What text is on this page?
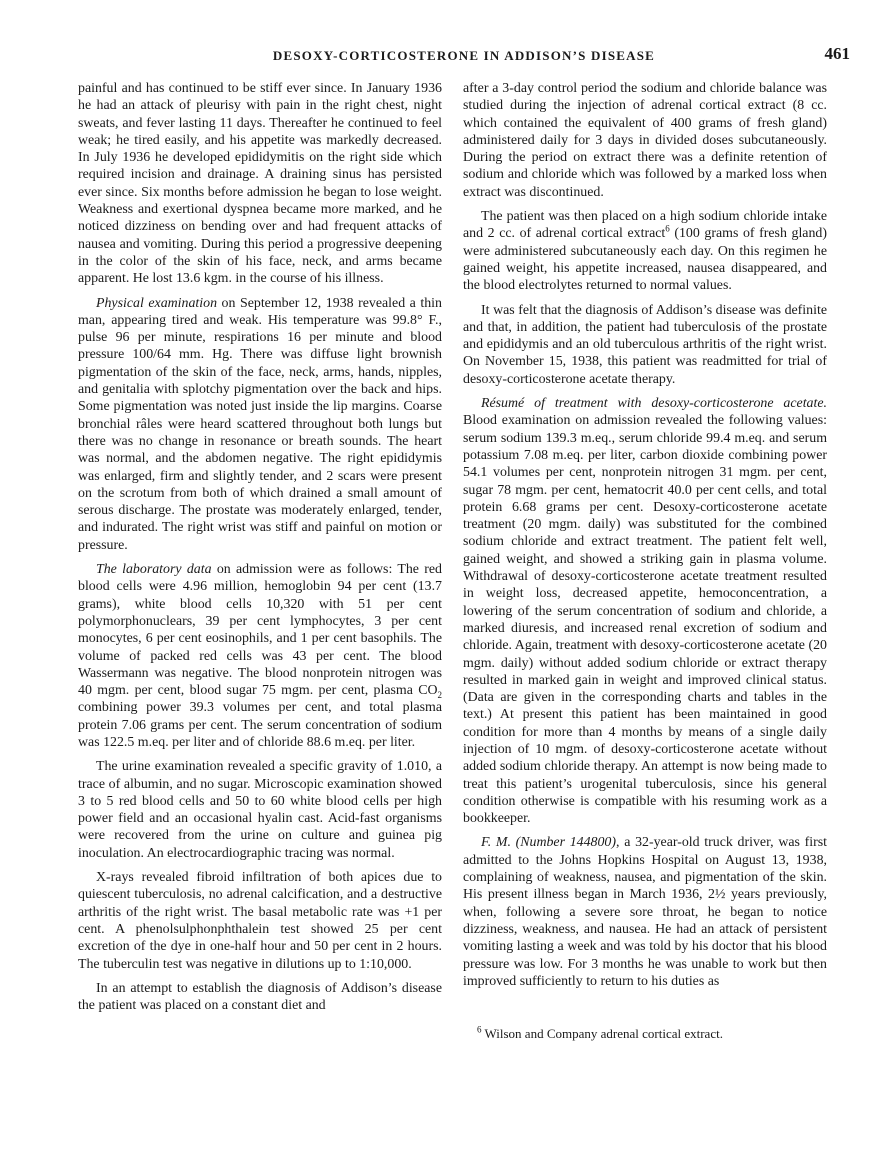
DESOXY-CORTICOSTERONE IN ADDISON’S DISEASE	461

painful and has continued to be stiff ever since. In January 1936 he had an attack of pleurisy with pain in the right chest, night sweats, and fever lasting 11 days. Thereafter he continued to feel weak; he tired easily, and his appetite was markedly decreased. In July 1936 he developed epididymitis on the right side which required incision and drainage. A draining sinus has persisted ever since. Six months before admission he began to lose weight. Weakness and exertional dyspnea became more marked, and he noticed dizziness on bending over and had frequent attacks of nausea and vomiting. During this period a progressive deepening in the color of the skin of his face, neck, and arms became apparent. He lost 13.6 kgm. in the course of his illness.

Physical examination on September 12, 1938 revealed a thin man, appearing tired and weak. His temperature was 99.8° F., pulse 96 per minute, respirations 16 per minute and blood pressure 100/64 mm. Hg. There was diffuse light brownish pigmentation of the skin of the face, neck, arms, hands, nipples, and genitalia with splotchy pigmentation over the back and hips. Some pigmentation was noted just inside the lip margins. Coarse bronchial râles were heard scattered throughout both lungs but there was no change in resonance or breath sounds. The heart was normal, and the abdomen negative. The right epididymis was enlarged, firm and slightly tender, and 2 scars were present on the scrotum from both of which drained a small amount of serous discharge. The prostate was moderately enlarged, tender, and indurated. The right wrist was stiff and painful on motion or pressure.

The laboratory data on admission were as follows: The red blood cells were 4.96 million, hemoglobin 94 per cent (13.7 grams), white blood cells 10,320 with 51 per cent polymorphonuclears, 39 per cent lymphocytes, 3 per cent monocytes, 6 per cent eosinophils, and 1 per cent basophils. The volume of packed red cells was 43 per cent. The blood Wassermann was negative. The blood nonprotein nitrogen was 40 mgm. per cent, blood sugar 75 mgm. per cent, plasma $CO_2$ combining power 39.3 volumes per cent, and total plasma protein 7.06 grams per cent. The serum concentration of sodium was 122.5 m.eq. per liter and of chloride 88.6 m.eq. per liter.

The urine examination revealed a specific gravity of 1.010, a trace of albumin, and no sugar. Microscopic examination showed 3 to 5 red blood cells and 50 to 60 white blood cells per high power field and an occasional hyalin cast. Acid-fast organisms were recovered from the urine on culture and guinea pig inoculation. An electrocardiographic tracing was normal.

X-rays revealed fibroid infiltration of both apices due to quiescent tuberculosis, no adrenal calcification, and a destructive arthritis of the right wrist. The basal metabolic rate was +1 per cent. A phenolsulphonphthalein test showed 25 per cent excretion of the dye in one-half hour and 50 per cent in 2 hours. The tuberculin test was negative in dilutions up to 1:10,000.

In an attempt to establish the diagnosis of Addison’s disease the patient was placed on a constant diet and

after a 3-day control period the sodium and chloride balance was studied during the injection of adrenal cortical extract (8 cc. which contained the equivalent of 400 grams of fresh gland) administered daily for 3 days in divided doses subcutaneously. During the period on extract there was a definite retention of sodium and chloride which was followed by a marked loss when extract was discontinued.

The patient was then placed on a high sodium chloride intake and 2 cc. of adrenal cortical extract$^6$ (100 grams of fresh gland) were administered subcutaneously each day. On this regimen he gained weight, his appetite increased, nausea disappeared, and the blood electrolytes returned to normal values.

It was felt that the diagnosis of Addison’s disease was definite and that, in addition, the patient had tuberculosis of the prostate and epididymis and an old tuberculous arthritis of the right wrist. On November 15, 1938, this patient was readmitted for trial of desoxy-corticosterone acetate therapy.

Résumé of treatment with desoxy-corticosterone acetate. Blood examination on admission revealed the following values: serum sodium 139.3 m.eq., serum chloride 99.4 m.eq. and serum potassium 7.08 m.eq. per liter, carbon dioxide combining power 54.1 volumes per cent, nonprotein nitrogen 31 mgm. per cent, sugar 78 mgm. per cent, hematocrit 40.0 per cent cells, and total protein 6.68 grams per cent. Desoxy-corticosterone acetate treatment (20 mgm. daily) was substituted for the combined sodium chloride and extract treatment. The patient felt well, gained weight, and showed a striking gain in plasma volume. Withdrawal of desoxy-corticosterone acetate treatment resulted in weight loss, decreased appetite, hemoconcentration, a lowering of the serum concentration of sodium and chloride, a marked diuresis, and increased renal excretion of sodium and chloride. Again, treatment with desoxy-corticosterone acetate (20 mgm. daily) without added sodium chloride or extract therapy resulted in marked gain in weight and improved clinical status. (Data are given in the corresponding charts and tables in the text.) At present this patient has been maintained in good condition for more than 4 months by means of a single daily injection of 10 mgm. of desoxy-corticosterone acetate without added sodium chloride therapy. An attempt is now being made to treat this patient’s urogenital tuberculosis, since his general condition otherwise is compatible with his resuming work as a bookkeeper.

F. M. (Number 144800), a 32-year-old truck driver, was first admitted to the Johns Hopkins Hospital on August 13, 1938, complaining of weakness, nausea, and pigmentation of the skin. His present illness began in March 1936, 2½ years previously, when, following a severe sore throat, he began to notice dizziness, weakness, and nausea. He had an attack of persistent vomiting lasting a week and was told by his doctor that his blood pressure was low. For 3 months he was unable to work but then improved sufficiently to return to his duties as

$^6$ Wilson and Company adrenal cortical extract.
